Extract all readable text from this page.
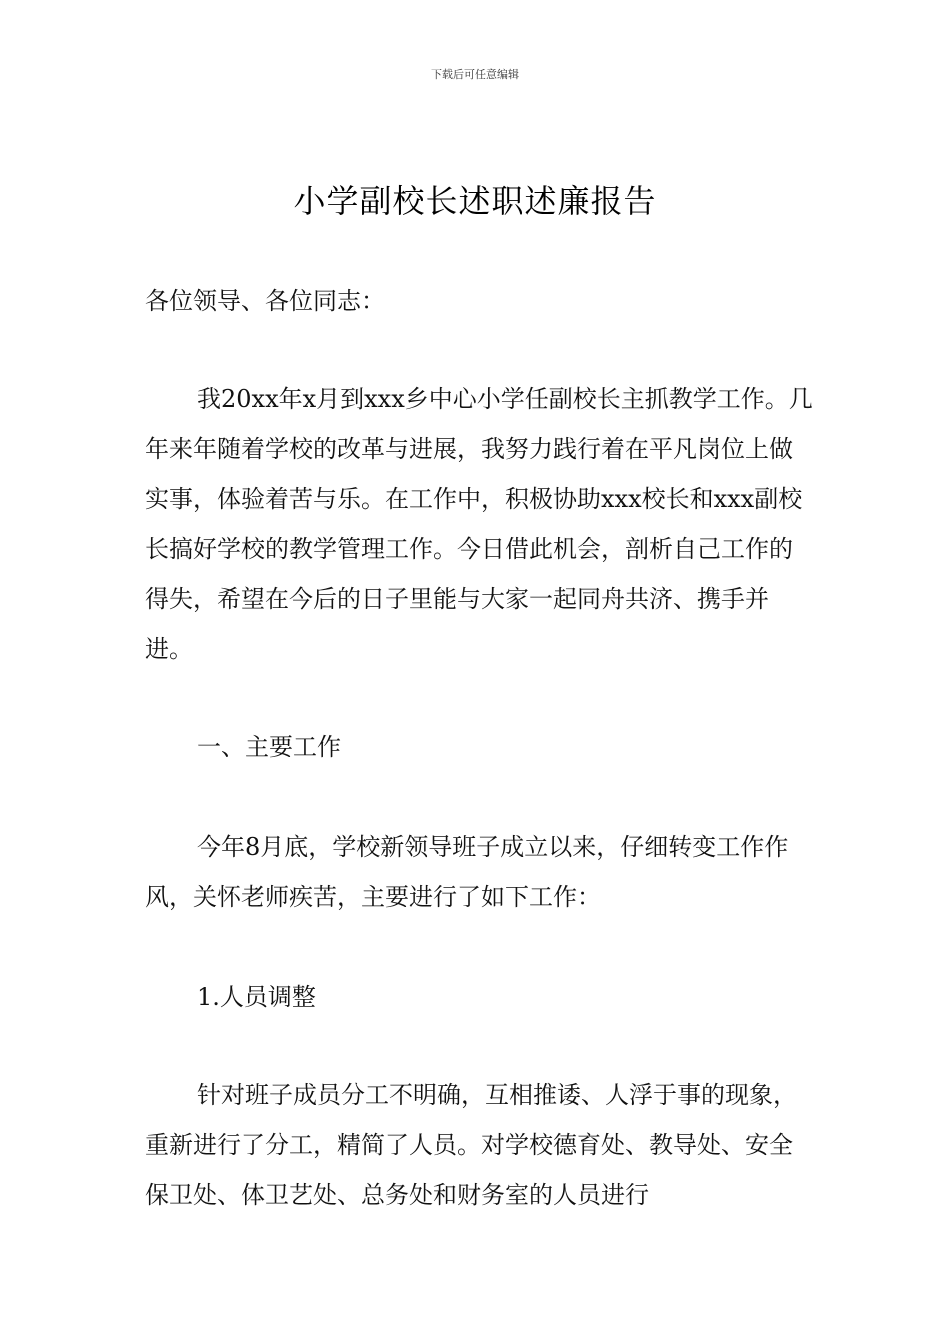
下载后可任意编辑
小学副校长述职述廉报告
各位领导、各位同志：
我20xx年x月到xxx乡中心小学任副校长主抓教学工作。几年来年随着学校的改革与进展，我努力践行着在平凡岗位上做实事，体验着苦与乐。在工作中，积极协助xxx校长和xxx副校长搞好学校的教学管理工作。今日借此机会，剖析自己工作的得失，希望在今后的日子里能与大家一起同舟共济、携手并进。
一、主要工作
今年8月底，学校新领导班子成立以来，仔细转变工作作风，关怀老师疾苦，主要进行了如下工作：
1.人员调整
针对班子成员分工不明确，互相推诿、人浮于事的现象，重新进行了分工，精简了人员。对学校德育处、教导处、安全保卫处、体卫艺处、总务处和财务室的人员进行
